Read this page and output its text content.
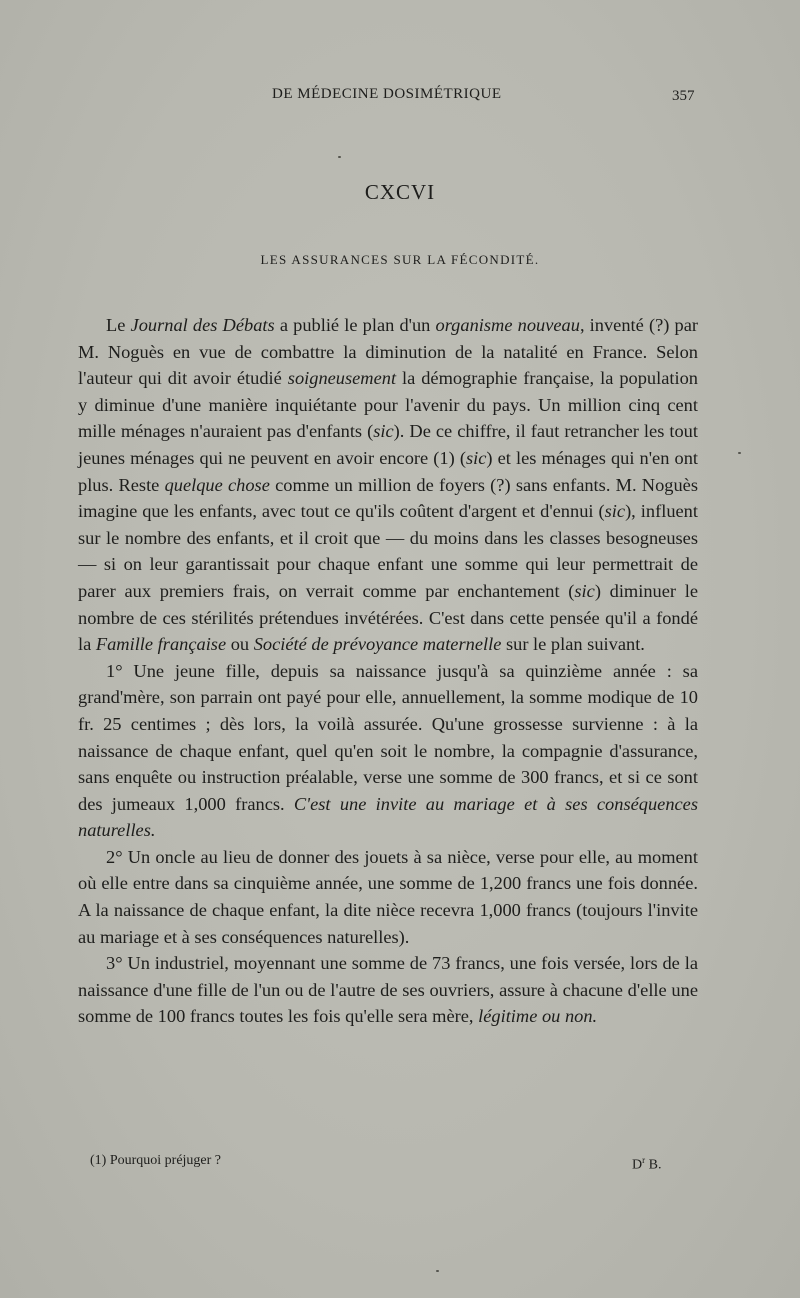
DE MÉDECINE DOSIMÉTRIQUE	357
CXCVI
LES ASSURANCES SUR LA FÉCONDITÉ.

Le Journal des Débats a publié le plan d'un organisme nouveau, inventé (?) par M. Noguès en vue de combattre la diminution de la natalité en France. Selon l'auteur qui dit avoir étudié soigneusement la démographie française, la population y diminue d'une manière inquiétante pour l'avenir du pays. Un million cinq cent mille ménages n'auraient pas d'enfants (sic). De ce chiffre, il faut retrancher les tout jeunes ménages qui ne peuvent en avoir encore (1) (sic) et les ménages qui n'en ont plus. Reste quelque chose comme un million de foyers (?) sans enfants. M. Noguès imagine que les enfants, avec tout ce qu'ils coûtent d'argent et d'ennui (sic), influent sur le nombre des enfants, et il croit que — du moins dans les classes besogneuses — si on leur garantissait pour chaque enfant une somme qui leur permettrait de parer aux premiers frais, on verrait comme par enchantement (sic) diminuer le nombre de ces stérilités prétendues invétérées. C'est dans cette pensée qu'il a fondé la Famille française ou Société de prévoyance maternelle sur le plan suivant.

1° Une jeune fille, depuis sa naissance jusqu'à sa quinzième année : sa grand'mère, son parrain ont payé pour elle, annuellement, la somme modique de 10 fr. 25 centimes ; dès lors, la voilà assurée. Qu'une grossesse survienne : à la naissance de chaque enfant, quel qu'en soit le nombre, la compagnie d'assurance, sans enquête ou instruction préalable, verse une somme de 300 francs, et si ce sont des jumeaux 1,000 francs. C'est une invite au mariage et à ses conséquences naturelles.

2° Un oncle au lieu de donner des jouets à sa nièce, verse pour elle, au moment où elle entre dans sa cinquième année, une somme de 1,200 francs une fois donnée. A la naissance de chaque enfant, la dite nièce recevra 1,000 francs (toujours l'invite au mariage et à ses conséquences naturelles).

3° Un industriel, moyennant une somme de 73 francs, une fois versée, lors de la naissance d'une fille de l'un ou de l'autre de ses ouvriers, assure à chacune d'elle une somme de 100 francs toutes les fois qu'elle sera mère, légitime ou non.

(1) Pourquoi préjuger ?	$D^r$ B.
